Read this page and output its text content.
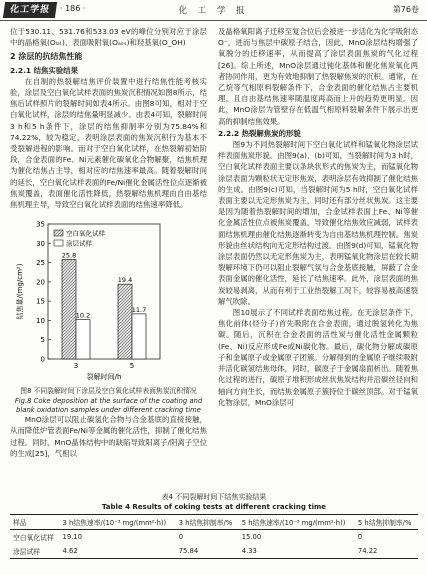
化工学报	· 186 ·	化 工 学 报	第76卷

位于530.11、531.76和533.03 eV的峰位分别对应于涂层中的晶格氧(Oₗₐₜ)、表面吸附氧(Oₐₒₛ)和羟基氧(O_OH)

2 涂层的抗结焦性能
2.2.1 结焦实验结果

在自制的热裂解结焦评价装置中进行结焦性能考核实验，涂层及空白氧化试样表面的焦炭沉积情况如图8所示，结焦后试样照片的裂解时间如表4所示。由图8可知，相对于空白氧化试样，涂层的结焦量明显减少。由表4可知，裂解时间3 h和5 h条件下，涂层的结焦抑制率分别为75.84%和74.22%，较为稳定，表明涂层表面的焦炭沉积行为基本不受裂解进程的影响。而对于空白氧化试样，在热裂解初始阶段，合金表面的Fe、Ni元素催化碳氧化合物解聚，结焦机理为催化结焦占主导，相对应的结焦速率最高。随着裂解时间的延长，空白氧化试样表面的Fe/Ni催化金属活性位点逐渐被焦炭覆盖，表面催化活性降低，热裂解结焦机理由自由基结焦机理主导，导致空白氧化试样表面的结焦速率降低。

0
5
10
15
20
25
30
35
结焦量/(mg/cm²)
25.8
10.2
3
19.4
11.7
5
裂解时间/h
空白氧化试样
涂层试样
图8 不同裂解时间下涂层及空白氧化试样表面焦炭沉积情况
Fig.8 Coke deposition at the surface of the coating and blank oxidation samples under different cracking time

MnO涂层可以阻止碳氢化合物与合金基底的直接接触，从而降低炉管表面Fe/Ni等金属的催化活性，抑制了催化结焦过程。同时，MnO晶体结构中的缺陷导致阳离子/阴离子空位的生成[25]，气相以

及晶格氧阳离子迁移至复合位后会被进一步活化为化学吸附态O⁻，进而与焦层中碳原子结合，因此，MnO涂层结构增强了氧脱分的迁移速率，从而提高了涂层表面焦炭的气化过程[26]。综上所述，MnO涂层通过钝化基体和催化焦炭氧化两者协同作用，更为有效地抑制了热裂解焦炭的沉积。通常，在乙烷等气相原料裂解条件下，合金表面的催化结焦占主要机理，且自由基结焦速率随温度再高而上升的趋势更明显。因此，MnO涂层为管壁存在低温气相原料裂解条件下展示出更高的抑制结焦效果。

2.2.2 热裂解焦炭的形貌

图9为不同热裂解时间下空白氧化试样和锰氧化物涂层试样表面焦炭形貌。由图9(a)、(b)可知，当裂解时间为3 h时，空白氧化试样表面主要以条块状形式的焦炭为主，而锰氧化物涂层表面为颗粒状无定形焦炭，表明涂层有效抑制了催化结焦的生成。由图9(c)可知，当裂解时间为5 h时，空白氧化试样表面主要以无定形焦炭为主，同时还有部分丝状焦炭。这主要是因为随着热裂解时间的增加，合金试样表面上Fe、Ni等催化金属活性位点被焦炭覆盖，导致催化结焦效应减弱，试样表面结焦机理由催化结焦逐渐转变为自由基结焦机理控制。焦炭形貌由丝状结构向无定形结构过渡。由图9(d)可知，锰氧化物涂层表面仍然以无定形焦炭为主，表明锰氧化物涂层在较长期裂解环境下仍可以阻止裂解气氛与合金基底接触，屏蔽了合金表面金属的催化活性，延长了结焦速率。此外，涂层表面的焦炭较易剥离，从而有利于工业热裂解工况下，较容易被高速裂解气吹除。

图10展示了不同试样表面结焦过程。在无涂层条件下，焦化前体(烃分子)首先吸附在合金表面，通过脱氢转化为焦碳。随后，沉积在合金表面的活性炭与催化活性金属颗粒(Fe、Ni)反应形成Fe或Ni碳化物。最后，碳化物分解成碳原子和金属原子或金属原子团簇。分解得到的金属原子继续吸附并活化碳氢结焦母体，同时，碳原子于金属扇面析出。随着焦化过程的进行，碳原子堆积形成丝状焦炭结构并沿碳丝径向和轴向方向生长，而结焦金属原子簇持位于碳丝顶部。对于锰氧化物涂层，MnO涂层可

表4 不同裂解时间下结焦实验结果
Table 4 Results of coking tests at different cracking time
样品	3 h结焦速率/(10⁻³ mg/(mm²·h))	3 h结焦抑制率/%	5 h结焦速率/(10⁻³ mg/(mm²·h))	5 h结焦抑制率/%
空白氧化试样	19.10	0	15.00	0
涂层试样	4.62	75.84	4.33	74.22
